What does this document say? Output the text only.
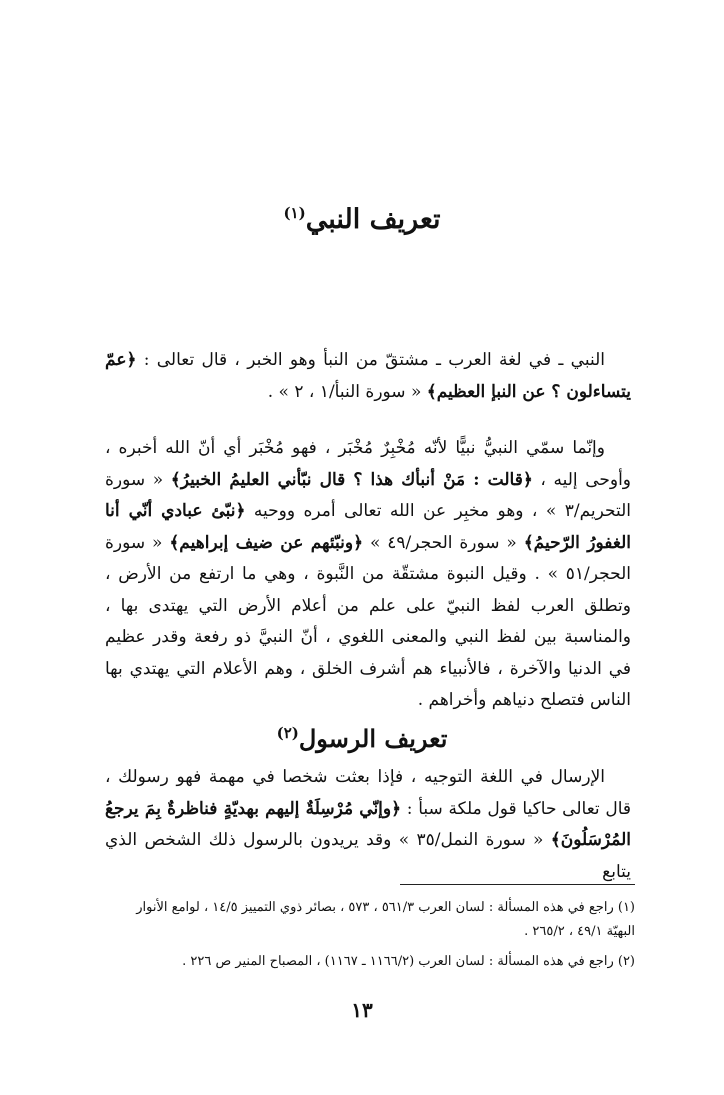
تعريف النبي$^{(١)}$

النبي ـ في لغة العرب ـ مشتقّ من النبأ وهو الخبر ، قال تعالى : ﴿عمّ يتساءلون ؟ عن النبإ العظيم﴾ « سورة النبأ/١ ، ٢ » .

وإنّما سمّي النبيُّ نبيًّا لأنّه مُخْبِرٌ مُخْبَر ، فهو مُخْبَر أي أنّ الله أخبره ، وأوحى إليه ، ﴿قالت : مَنْ أنبأك هذا ؟ قال نبّأني العليمُ الخبيرُ﴾ « سورة التحريم/٣ » ، وهو مخبِر عن الله تعالى أمره ووحيه ﴿نبّئ عبادي أنّي أنا الغفورُ الرّحيمُ﴾ « سورة الحجر/٤٩ » ﴿ونبّئهم عن ضيف إبراهيم﴾ « سورة الحجر/٥١ » . وقيل النبوة مشتقّة من النَّبوة ، وهي ما ارتفع من الأرض ، وتطلق العرب لفظ النبيّ على علم من أعلام الأرض التي يهتدى بها ، والمناسبة بين لفظ النبي والمعنى اللغوي ، أنّ النبيَّ ذو رفعة وقدر عظيم في الدنيا والآخرة ، فالأنبياء هم أشرف الخلق ، وهم الأعلام التي يهتدي بها الناس فتصلح دنياهم وأخراهم .

تعريف الرسول$^{(٢)}$

الإرسال في اللغة التوجيه ، فإذا بعثت شخصا في مهمة فهو رسولك ، قال تعالى حاكيا قول ملكة سبأ : ﴿وإنّي مُرْسِلَةٌ إليهم بهديّةٍ فناظرةٌ بِمَ يرجعُ المُرْسَلُونَ﴾ « سورة النمل/٣٥ » وقد يريدون بالرسول ذلك الشخص الذي يتابع

(١) راجع في هذه المسألة : لسان العرب ٥٦١/٣ ، ٥٧٣ ، بصائر ذوي التمييز ١٤/٥ ، لوامع الأنوار البهيّة ٤٩/١ ، ٢٦٥/٢ .

(٢) راجع في هذه المسألة : لسان العرب (١١٦٦/٢ ـ ١١٦٧) ، المصباح المنير ص ٢٢٦ .

١٣
